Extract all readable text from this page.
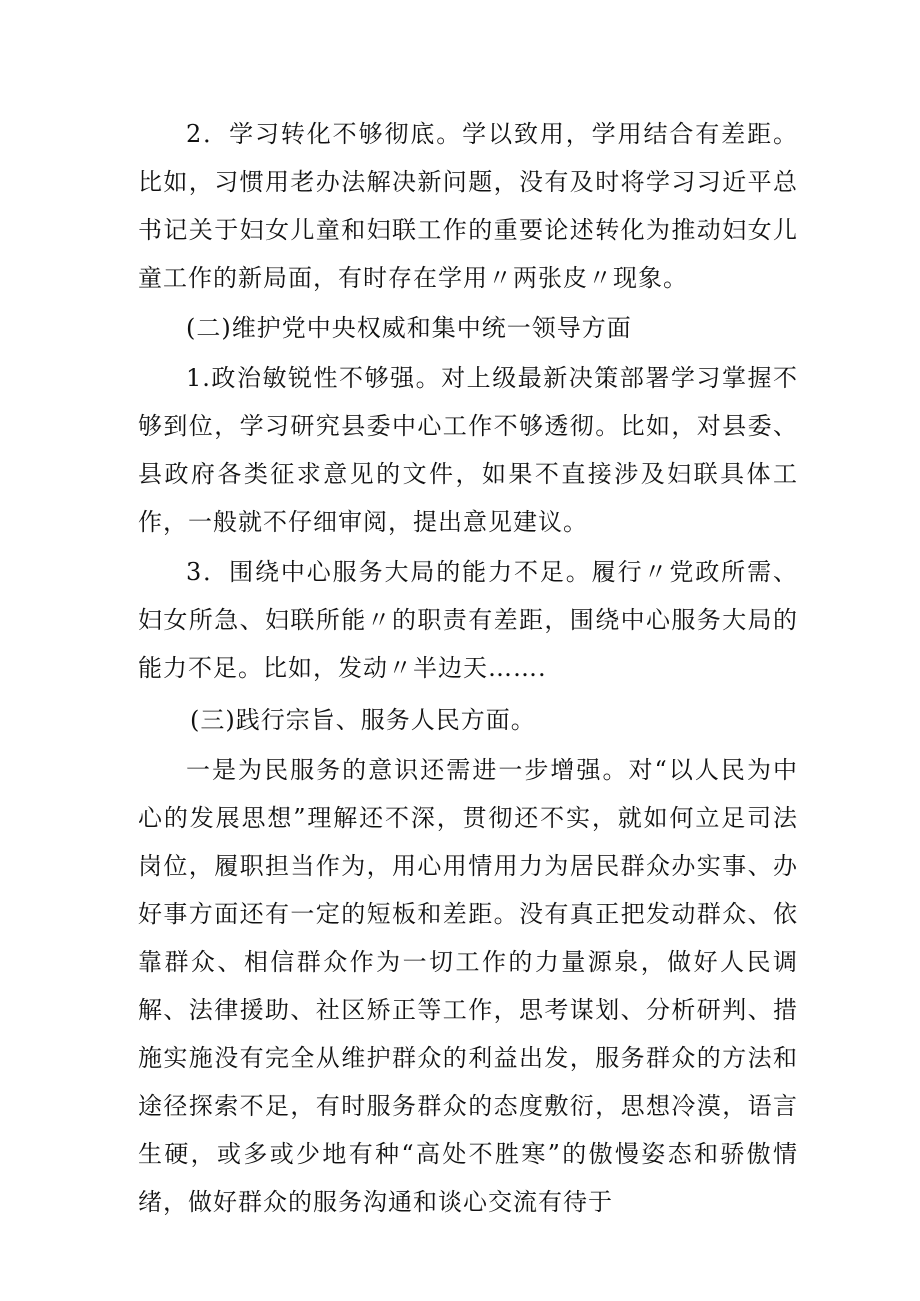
2．学习转化不够彻底。学以致用，学用结合有差距。比如，习惯用老办法解决新问题，没有及时将学习习近平总书记关于妇女儿童和妇联工作的重要论述转化为推动妇女儿童工作的新局面，有时存在学用〃两张皮〃现象。

(二)维护党中央权威和集中统一领导方面

1.政治敏锐性不够强。对上级最新决策部署学习掌握不够到位，学习研究县委中心工作不够透彻。比如，对县委、县政府各类征求意见的文件，如果不直接涉及妇联具体工作，一般就不仔细审阅，提出意见建议。

3．围绕中心服务大局的能力不足。履行〃党政所需、妇女所急、妇联所能〃的职责有差距，围绕中心服务大局的能力不足。比如，发动〃半边天…….

(三)践行宗旨、服务人民方面。

一是为民服务的意识还需进一步增强。对“以人民为中心的发展思想”理解还不深，贯彻还不实，就如何立足司法岗位，履职担当作为，用心用情用力为居民群众办实事、办好事方面还有一定的短板和差距。没有真正把发动群众、依靠群众、相信群众作为一切工作的力量源泉，做好人民调解、法律援助、社区矫正等工作，思考谋划、分析研判、措施实施没有完全从维护群众的利益出发，服务群众的方法和途径探索不足，有时服务群众的态度敷衍，思想冷漠，语言生硬，或多或少地有种“高处不胜寒”的傲慢姿态和骄傲情绪，做好群众的服务沟通和谈心交流有待于
